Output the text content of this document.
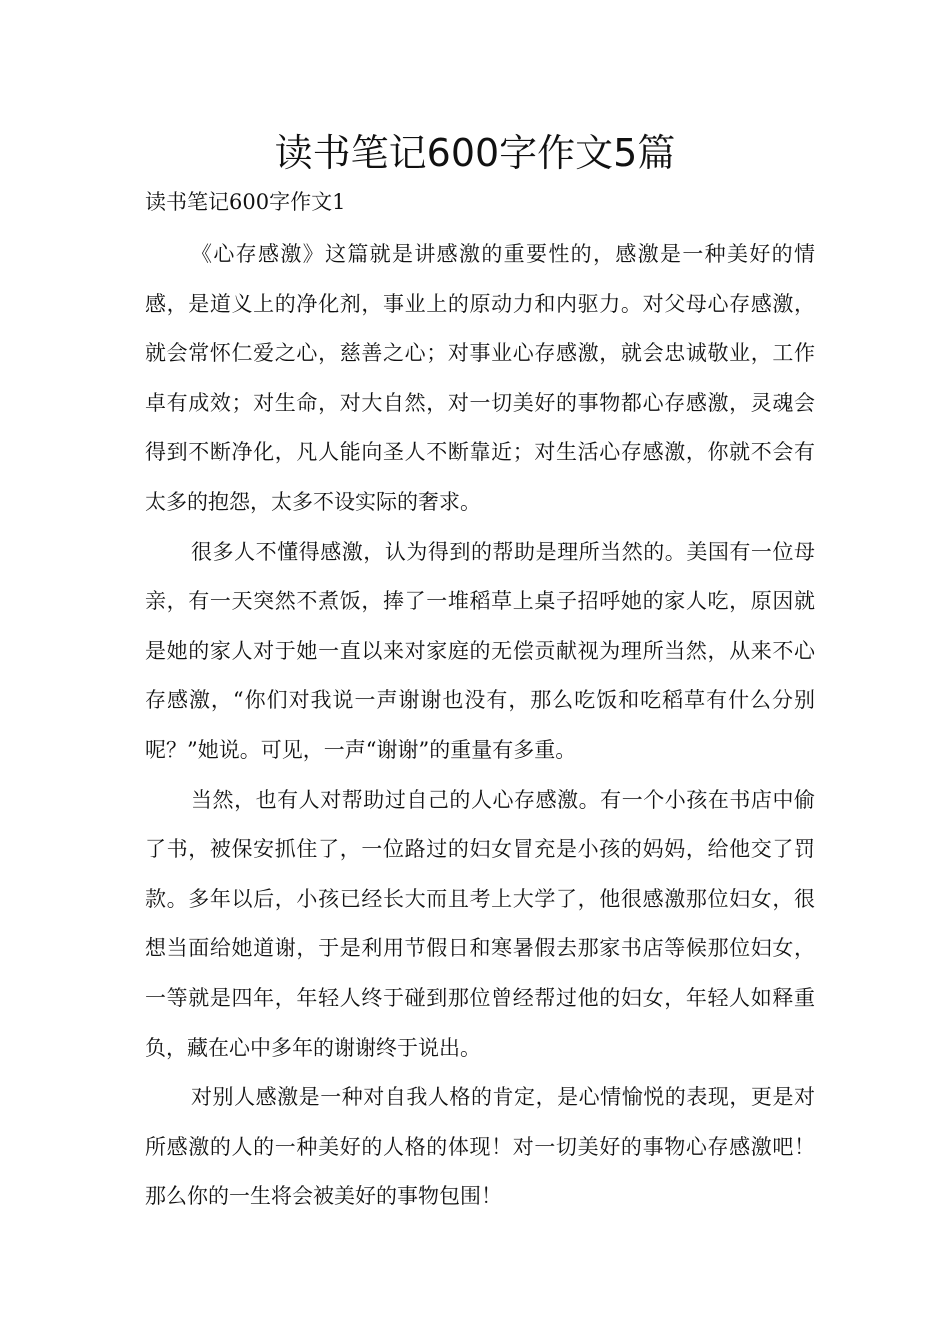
读书笔记600字作文5篇

读书笔记600字作文1

《心存感激》这篇就是讲感激的重要性的，感激是一种美好的情感，是道义上的净化剂，事业上的原动力和内驱力。对父母心存感激，就会常怀仁爱之心，慈善之心；对事业心存感激，就会忠诚敬业，工作卓有成效；对生命，对大自然，对一切美好的事物都心存感激，灵魂会得到不断净化，凡人能向圣人不断靠近；对生活心存感激，你就不会有太多的抱怨，太多不设实际的奢求。

很多人不懂得感激，认为得到的帮助是理所当然的。美国有一位母亲，有一天突然不煮饭，捧了一堆稻草上桌子招呼她的家人吃，原因就是她的家人对于她一直以来对家庭的无偿贡献视为理所当然，从来不心存感激，“你们对我说一声谢谢也没有，那么吃饭和吃稻草有什么分别呢？”她说。可见，一声“谢谢”的重量有多重。

当然，也有人对帮助过自己的人心存感激。有一个小孩在书店中偷了书，被保安抓住了，一位路过的妇女冒充是小孩的妈妈，给他交了罚款。多年以后，小孩已经长大而且考上大学了，他很感激那位妇女，很想当面给她道谢，于是利用节假日和寒暑假去那家书店等候那位妇女，一等就是四年，年轻人终于碰到那位曾经帮过他的妇女，年轻人如释重负，藏在心中多年的谢谢终于说出。

对别人感激是一种对自我人格的肯定，是心情愉悦的表现，更是对所感激的人的一种美好的人格的体现！对一切美好的事物心存感激吧！那么你的一生将会被美好的事物包围！
